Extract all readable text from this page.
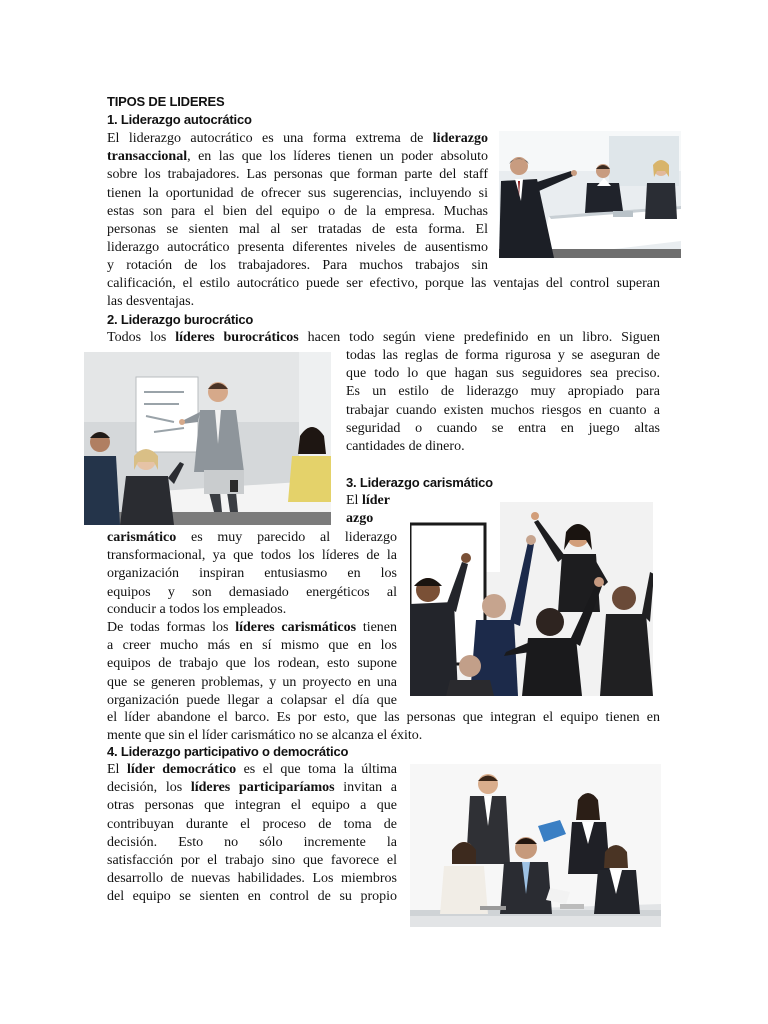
TIPOS DE LIDERES
1. Liderazgo autocrático
El liderazgo autocrático es una forma extrema de liderazgo
transaccional, en las que los líderes tienen un poder absoluto
sobre los trabajadores. Las personas que forman parte del staff
tienen la oportunidad de ofrecer sus sugerencias, incluyendo si
estas son para el bien del equipo o de la empresa. Muchas
personas se sienten mal al ser tratadas de esta forma. El
liderazgo autocrático presenta diferentes niveles de ausentismo
y rotación de los trabajadores. Para muchos trabajos sin
calificación, el estilo autocrático puede ser efectivo, porque las ventajas del control superan
las desventajas.
2. Liderazgo burocrático
Todos los líderes burocráticos hacen todo según viene predefinido en un libro. Siguen
todas las reglas de forma rigurosa y se aseguran de
que todo lo que hagan sus seguidores sea preciso.
Es un estilo de liderazgo muy apropiado para
trabajar cuando existen muchos riesgos en cuanto a
seguridad o cuando se entra en juego altas
cantidades de dinero.
3. Liderazgo carismático
El líder
azgo
carismático es muy parecido al liderazgo
transformacional, ya que todos los líderes de la
organización inspiran entusiasmo en los
equipos y son demasiado energéticos al
conducir a todos los empleados.
De todas formas los líderes carismáticos tienen
a creer mucho más en sí mismo que en los
equipos de trabajo que los rodean, esto supone
que se generen problemas, y un proyecto en una
organización puede llegar a colapsar el día que
el líder abandone el barco. Es por esto, que las personas que integran el equipo tienen en
mente que sin el líder carismático no se alcanza el éxito.
4. Liderazgo participativo o democrático
El líder democrático es el que toma la última
decisión, los líderes participaríamos invitan a
otras personas que integran el equipo a que
contribuyan durante el proceso de toma de
decisión. Esto no sólo incremente la
satisfacción por el trabajo sino que favorece el
desarrollo de nuevas habilidades. Los miembros
del equipo se sienten en control de su propio
